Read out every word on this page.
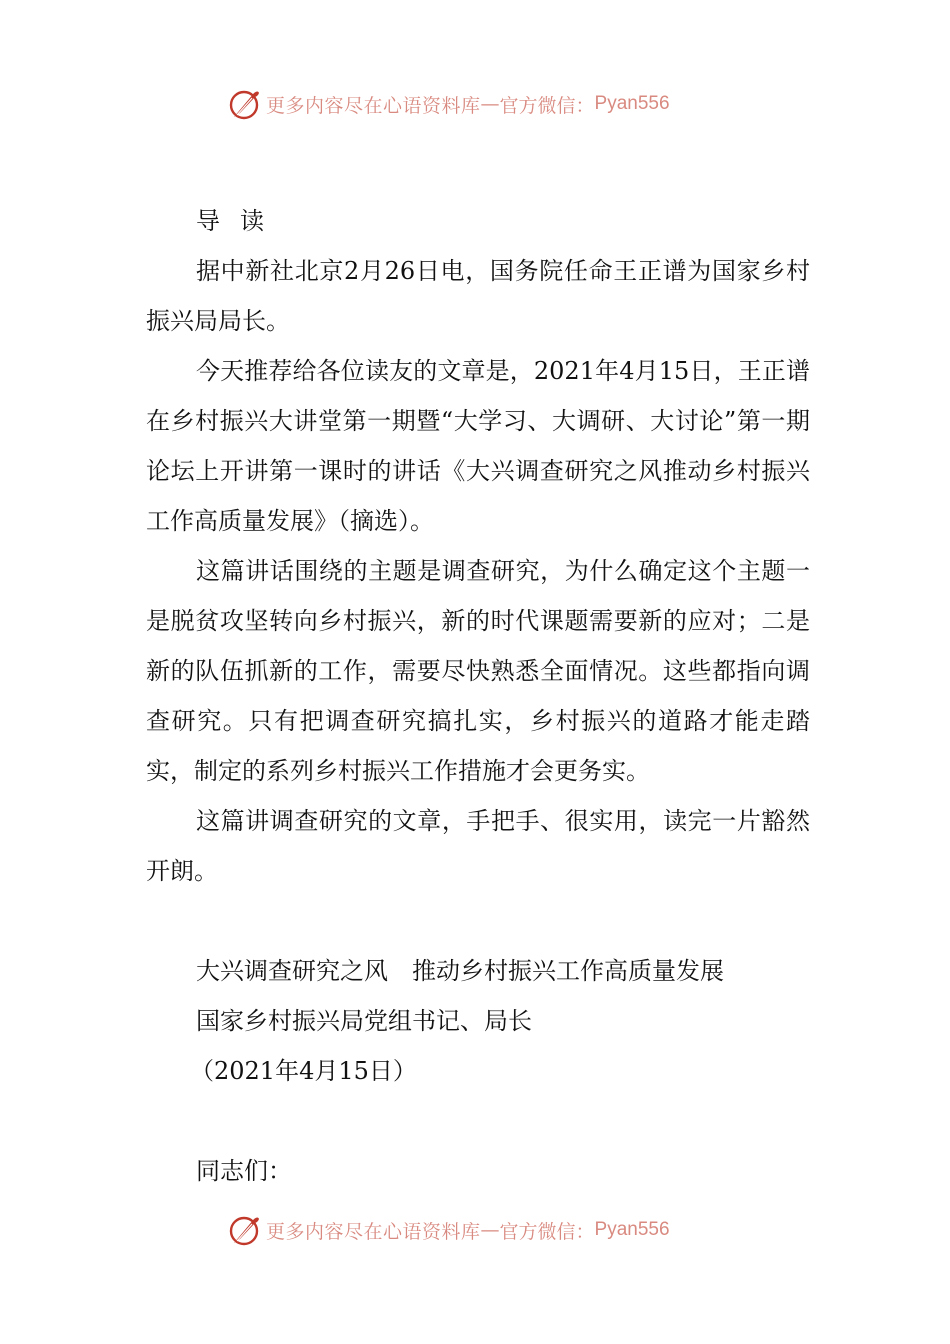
更多内容尽在心语资料库 — 官方微信： Pyan556

导读

据中新社北京2月26日电，国务院任命王正谱为国家乡村振兴局局长。

今天推荐给各位读友的文章是，2021年4月15日，王正谱在乡村振兴大讲堂第一期暨“大学习、大调研、大讨论”第一期论坛上开讲第一课时的讲话《大兴调查研究之风推动乡村振兴工作高质量发展》（摘选）。

这篇讲话围绕的主题是调查研究，为什么确定这个主题一是脱贫攻坚转向乡村振兴，新的时代课题需要新的应对；二是新的队伍抓新的工作，需要尽快熟悉全面情况。这些都指向调查研究。只有把调查研究搞扎实，乡村振兴的道路才能走踏实，制定的系列乡村振兴工作措施才会更务实。

这篇讲调查研究的文章，手把手、很实用，读完一片豁然开朗。

大兴调查研究之风　推动乡村振兴工作高质量发展
国家乡村振兴局党组书记、局长
（2021年4月15日）
同志们：
更多内容尽在心语资料库 — 官方微信： Pyan556
